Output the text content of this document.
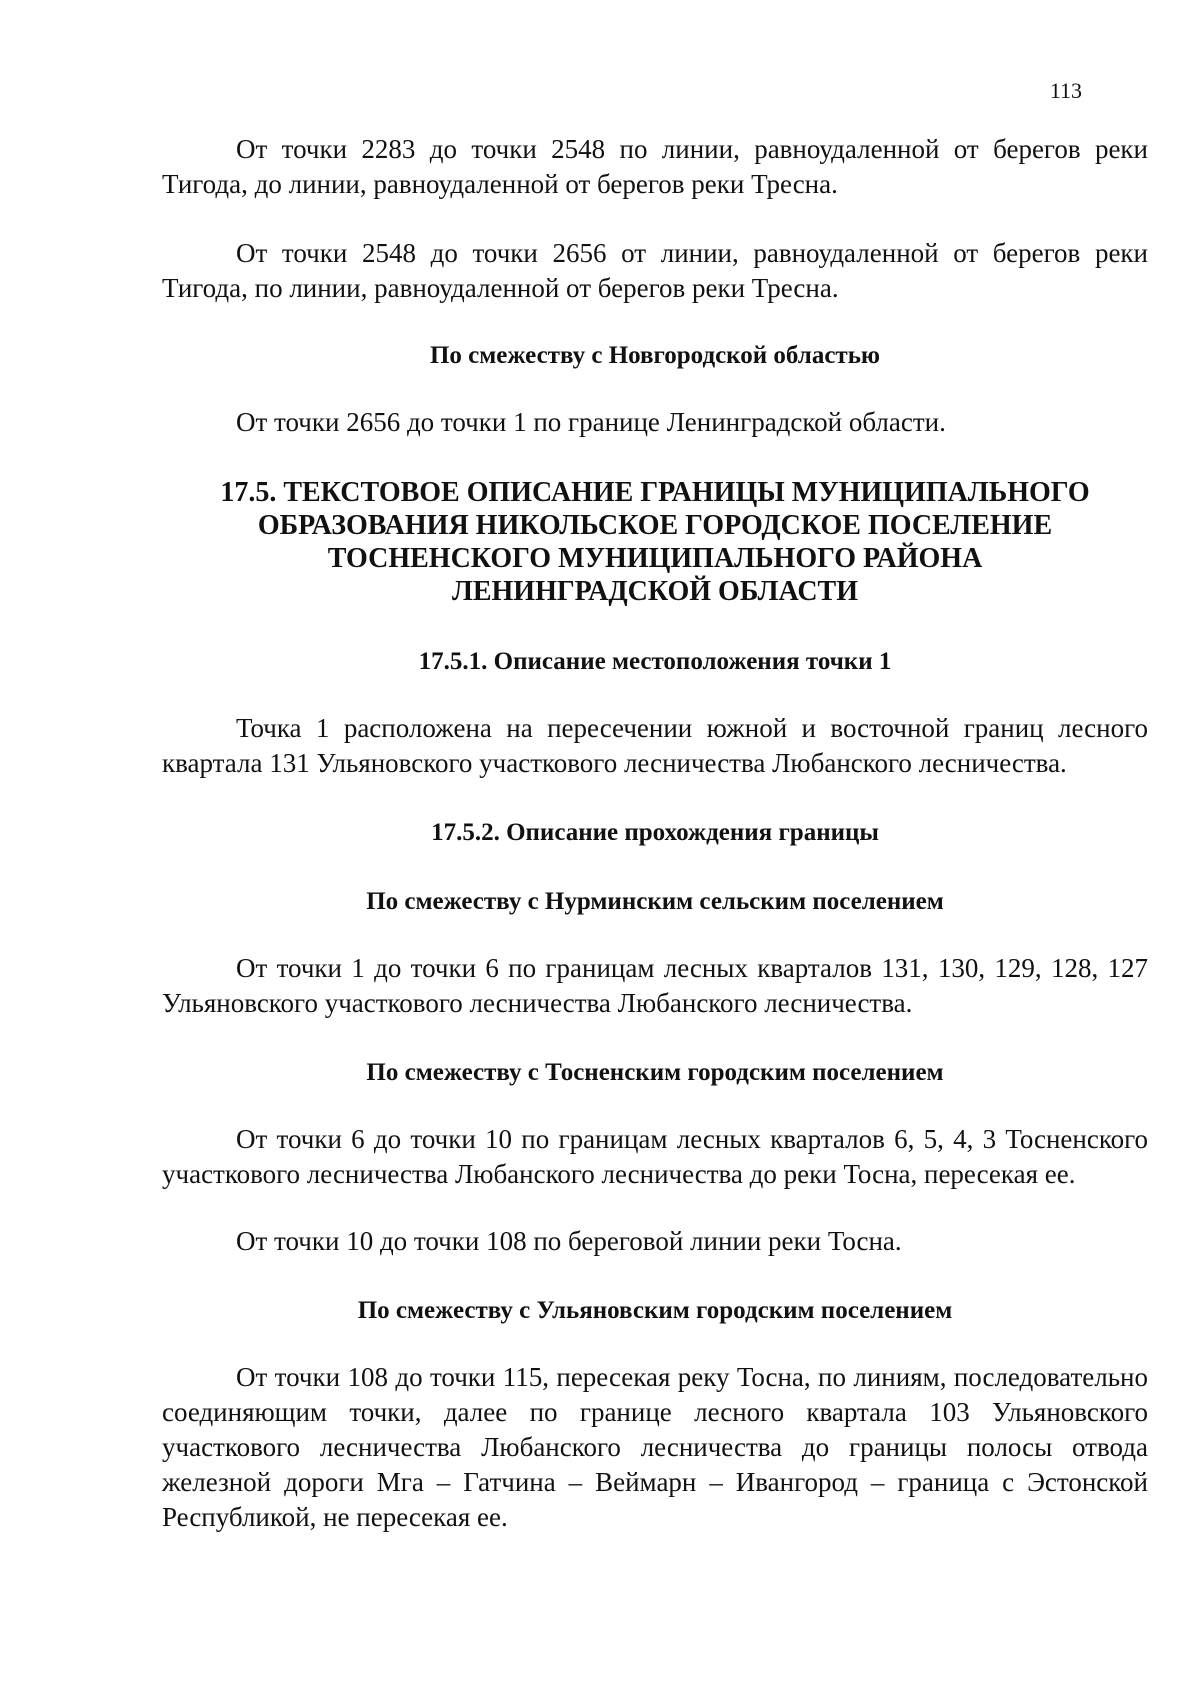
113

От точки 2283 до точки 2548 по линии, равноудаленной от берегов реки Тигода, до линии, равноудаленной от берегов реки Тресна.

От точки 2548 до точки 2656 от линии, равноудаленной от берегов реки Тигода, по линии, равноудаленной от берегов реки Тресна.

По смежеству с Новгородской областью

От точки 2656 до точки 1 по границе Ленинградской области.

17.5. ТЕКСТОВОЕ ОПИСАНИЕ ГРАНИЦЫ МУНИЦИПАЛЬНОГО
ОБРАЗОВАНИЯ НИКОЛЬСКОЕ ГОРОДСКОЕ ПОСЕЛЕНИЕ
ТОСНЕНСКОГО МУНИЦИПАЛЬНОГО РАЙОНА
ЛЕНИНГРАДСКОЙ ОБЛАСТИ

17.5.1. Описание местоположения точки 1

Точка 1 расположена на пересечении южной и восточной границ лесного квартала 131 Ульяновского участкового лесничества Любанского лесничества.

17.5.2. Описание прохождения границы

По смежеству с Нурминским сельским поселением

От точки 1 до точки 6 по границам лесных кварталов 131, 130, 129, 128, 127 Ульяновского участкового лесничества Любанского лесничества.

По смежеству с Тосненским городским поселением

От точки 6 до точки 10 по границам лесных кварталов 6, 5, 4, 3 Тосненского участкового лесничества Любанского лесничества до реки Тосна, пересекая ее.

От точки 10 до точки 108 по береговой линии реки Тосна.

По смежеству с Ульяновским городским поселением

От точки 108 до точки 115, пересекая реку Тосна, по линиям, последовательно соединяющим точки, далее по границе лесного квартала 103 Ульяновского участкового лесничества Любанского лесничества до границы полосы отвода железной дороги Мга – Гатчина – Веймарн – Ивангород – граница с Эстонской Республикой, не пересекая ее.
